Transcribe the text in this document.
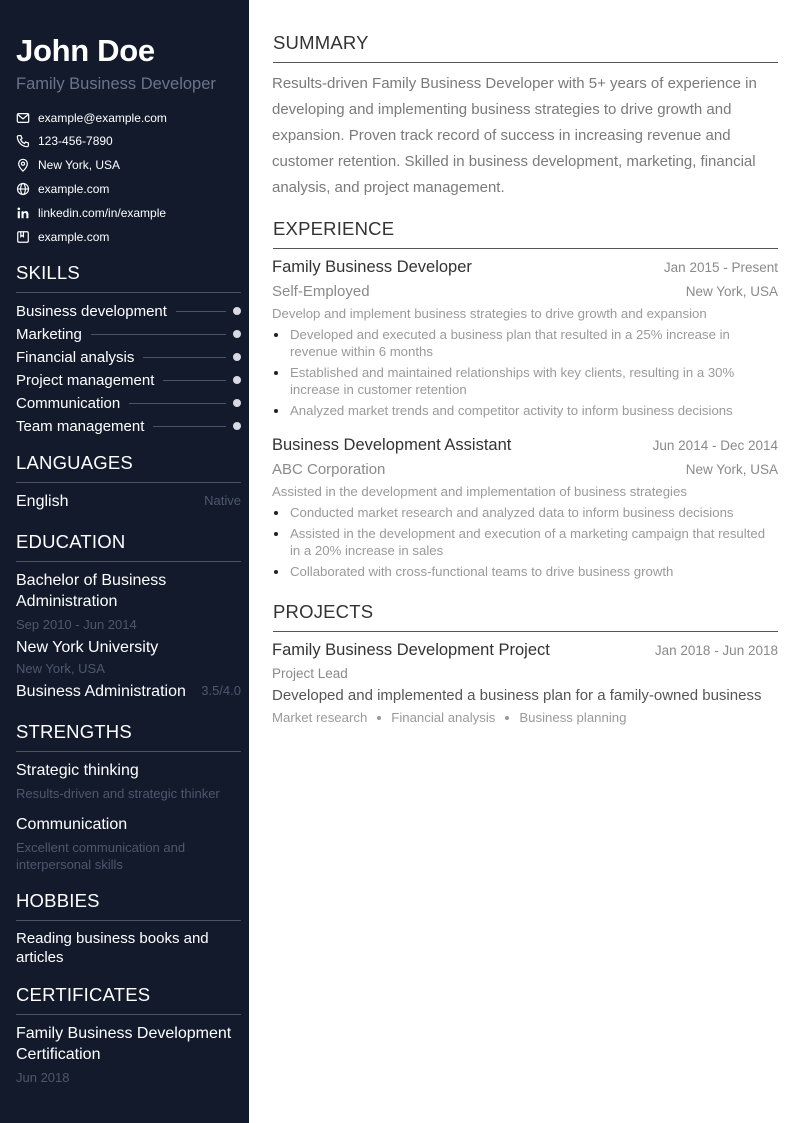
John Doe
Family Business Developer
example@example.com
123-456-7890
New York, USA
example.com
linkedin.com/in/example
example.com
SKILLS
Business development
Marketing
Financial analysis
Project management
Communication
Team management
LANGUAGES
English	Native
EDUCATION
Bachelor of Business Administration
Sep 2010 - Jun 2014
New York University
New York, USA
Business Administration	3.5/4.0
STRENGTHS
Strategic thinking
Results-driven and strategic thinker
Communication
Excellent communication and interpersonal skills
HOBBIES
Reading business books and articles
CERTIFICATES
Family Business Development Certification
Jun 2018
SUMMARY
Results-driven Family Business Developer with 5+ years of experience in developing and implementing business strategies to drive growth and expansion. Proven track record of success in increasing revenue and customer retention. Skilled in business development, marketing, financial analysis, and project management.
EXPERIENCE
Family Business Developer	Jan 2015 - Present
Self-Employed	New York, USA
Develop and implement business strategies to drive growth and expansion
Developed and executed a business plan that resulted in a 25% increase in revenue within 6 months
Established and maintained relationships with key clients, resulting in a 30% increase in customer retention
Analyzed market trends and competitor activity to inform business decisions
Business Development Assistant	Jun 2014 - Dec 2014
ABC Corporation	New York, USA
Assisted in the development and implementation of business strategies
Conducted market research and analyzed data to inform business decisions
Assisted in the development and execution of a marketing campaign that resulted in a 20% increase in sales
Collaborated with cross-functional teams to drive business growth
PROJECTS
Family Business Development Project	Jan 2018 - Jun 2018
Project Lead
Developed and implemented a business plan for a family-owned business
Market research Financial analysis Business planning
